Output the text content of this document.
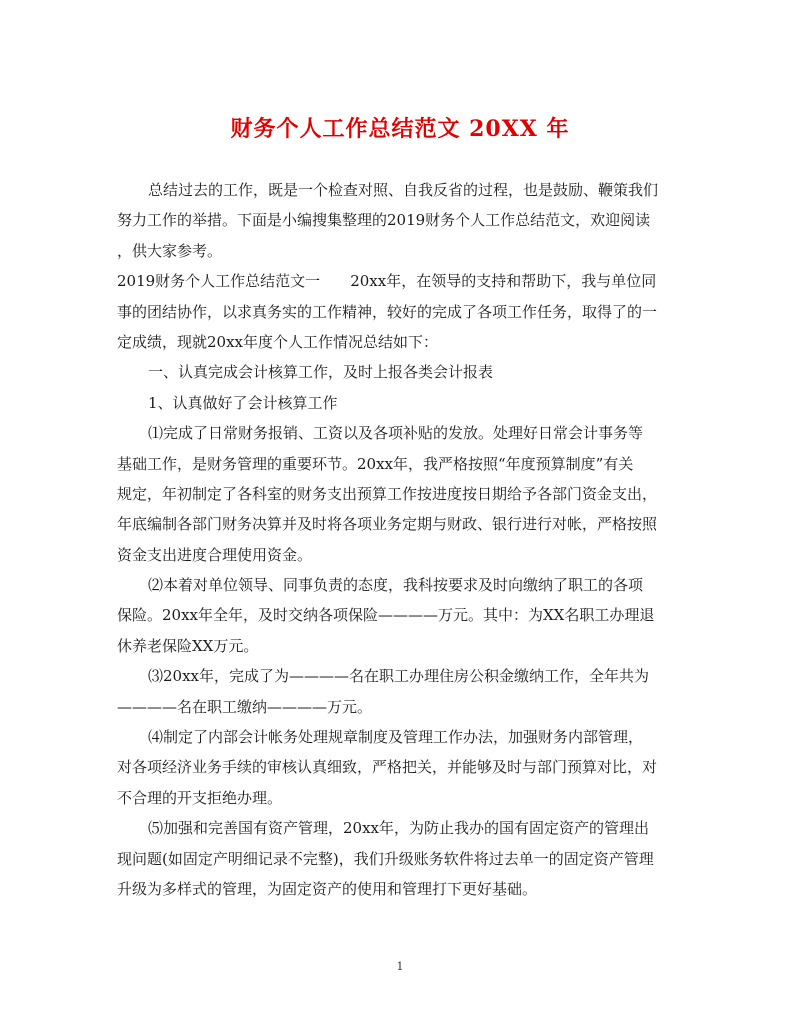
财务个人工作总结范文 20XX 年
总结过去的工作，既是一个检查对照、自我反省的过程，也是鼓励、鞭策我们
努力工作的举措。下面是小编搜集整理的2019财务个人工作总结范文，欢迎阅读
，供大家参考。
2019财务个人工作总结范文一 20xx年，在领导的支持和帮助下，我与单位同
事的团结协作，以求真务实的工作精神，较好的完成了各项工作任务，取得了的一
定成绩，现就20xx年度个人工作情况总结如下：
一、认真完成会计核算工作，及时上报各类会计报表
1、认真做好了会计核算工作
⑴完成了日常财务报销、工资以及各项补贴的发放。处理好日常会计事务等
基础工作，是财务管理的重要环节。20xx年，我严格按照“年度预算制度”有关
规定，年初制定了各科室的财务支出预算工作按进度按日期给予各部门资金支出，
年底编制各部门财务决算并及时将各项业务定期与财政、银行进行对帐，严格按照
资金支出进度合理使用资金。
⑵本着对单位领导、同事负责的态度，我科按要求及时向缴纳了职工的各项
保险。20xx年全年，及时交纳各项保险————万元。其中：为XX名职工办理退
休养老保险XX万元。
⑶20xx年，完成了为————名在职工办理住房公积金缴纳工作，全年共为
————名在职工缴纳————万元。
⑷制定了内部会计帐务处理规章制度及管理工作办法，加强财务内部管理，
对各项经济业务手续的审核认真细致，严格把关，并能够及时与部门预算对比，对
不合理的开支拒绝办理。
⑸加强和完善国有资产管理，20xx年，为防止我办的国有固定资产的管理出
现问题(如固定产明细记录不完整)，我们升级账务软件将过去单一的固定资产管理
升级为多样式的管理，为固定资产的使用和管理打下更好基础。
1
